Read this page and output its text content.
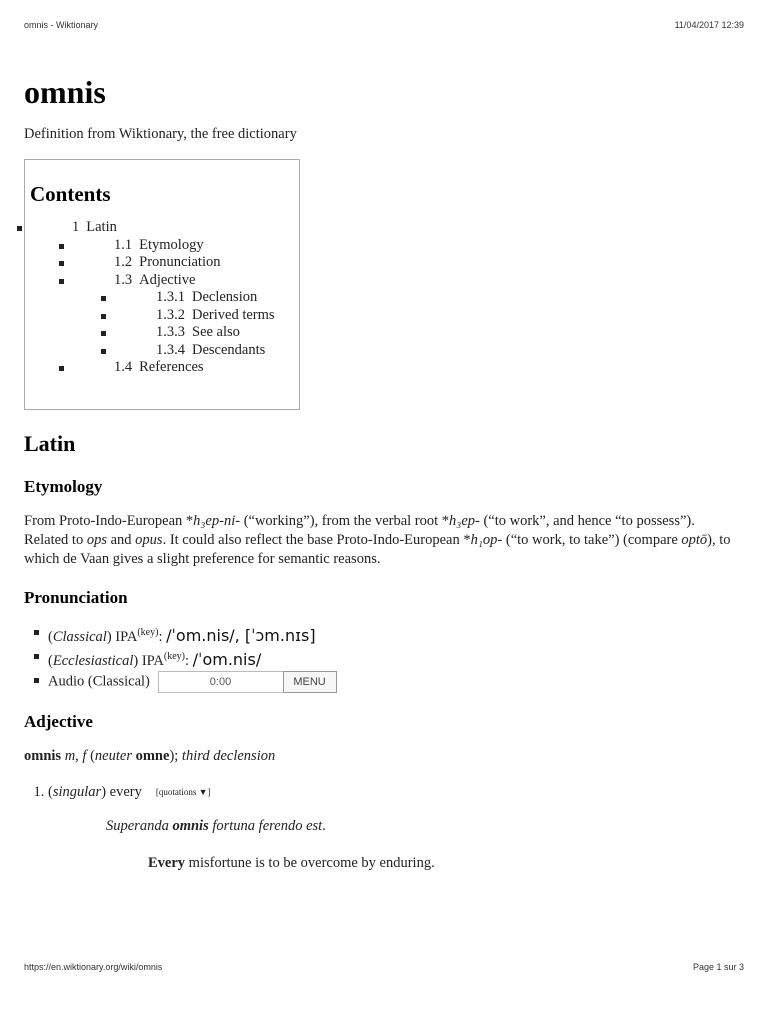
omnis - Wiktionary	11/04/2017 12:39
omnis
Definition from Wiktionary, the free dictionary
Contents
1 Latin
1.1 Etymology
1.2 Pronunciation
1.3 Adjective
1.3.1 Declension
1.3.2 Derived terms
1.3.3 See also
1.3.4 Descendants
1.4 References
Latin
Etymology

From Proto-Indo-European *h₃ep-ni- (“working”), from the verbal root *h₃ep- (“to work”, and hence “to possess”). Related to ops and opus. It could also reflect the base Proto-Indo-European *h₁op- (“to work, to take”) (compare optō), to which de Vaan gives a slight preference for semantic reasons.

Pronunciation
(Classical) $IPA^{(key)}$: /ˈom.nis/, [ˈɔm.nɪs]
(Ecclesiastical) $IPA^{(key)}$: /ˈom.nis/
Audio (Classical)	0:00	MENU
Adjective

omnis m, f (neuter omne); third declension

1. (singular) every [quotations ▼]
Superanda omnis fortuna ferendo est.
Every misfortune is to be overcome by enduring.
https://en.wiktionary.org/wiki/omnis	Page 1 sur 3
